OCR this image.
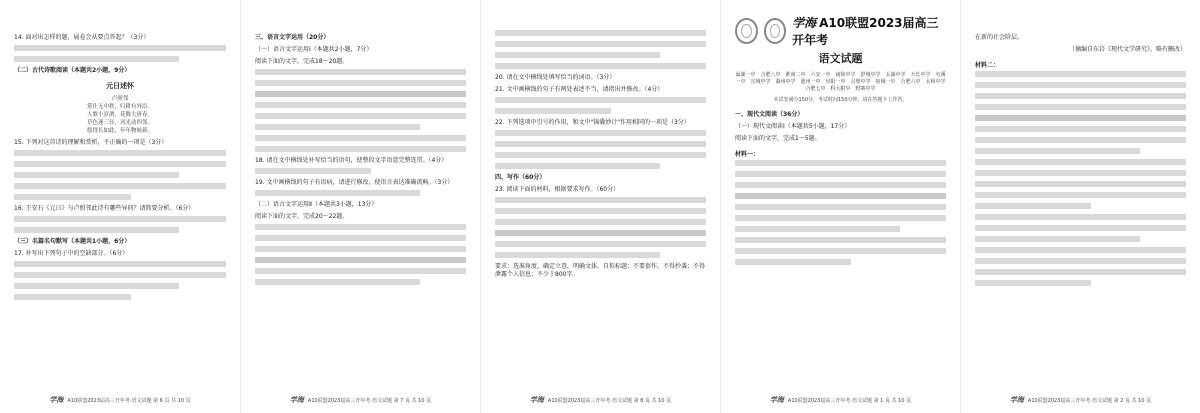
14. 面对出怎样的题，展卷会从要点答起？（3分）
（二）古代诗歌阅读（本题共2小题，9分）
元日述怀
卢照邻
筮仕无中秩，归耕有外臣。
人歌小岁酒，花舞大唐春。
草色迷三径，风光动四邻。
愿得长如此，年年物候新。
15. 下列对这首诗的理解和赏析，不正确的一项是（3分）
16. 王安石《元日》与卢照邻此诗有哪些异同？请简要分析。（6分）
（三）名篇名句默写（本题共1小题，6分）
17. 补写出下列句子中的空缺部分。（6分）
学海 A10联盟2023届高三开年考·语文试题 第 6 页 共 10 页
三、语言文字运用（20分）
（一）语言文字运用Ⅰ（本题共2小题，7分）
阅读下面的文字，完成18～20题。
18. 请在文中横线处补写恰当的语句，使整段文字语意完整连贯。（4分）
19. 文中画横线的句子有语病，请进行修改，使语言表达准确流畅。（3分）
（二）语言文字运用Ⅱ（本题共3小题，13分）
阅读下面的文字，完成20～22题。
学海 A10联盟2023届高三开年考·语文试题 第 7 页 共 10 页
20. 请在文中横线处填写恰当的词语。（3分）
21. 文中画横线的句子有两处表述不当，请指出并修改。（4分）
22. 下列选项中引号的作用，和文中"锦囊妙计"作用相同的一项是（3分）
四、写作（60分）
23. 阅读下面的材料，根据要求写作。（60分）
要求：选准角度，确定立意，明确文体，自拟标题；不要套作，不得抄袭；不得泄露个人信息；不少于800字。
学海 A10联盟2023届高三开年考·语文试题 第 8 页 共 10 页
学海 A10联盟2023届高三开年考
语文试题
巢湖一中　合肥八中　淮南二中　六安一中　南陵中学　舒城中学　太湖中学　天长中学　屯溪一中　宣城中学　滁州中学　池州一中　阜阳一中　灵璧中学　宿城一中　合肥六中　太和中学　合肥七中　科大附中　野寨中学
本试卷满分150分，考试时间150分钟。请在答题卡上作答。
一、现代文阅读（36分）
（一）现代文阅读Ⅰ（本题共5小题，17分）
阅读下面的文字，完成1～5题。
材料一：
学海 A10联盟2023届高三开年考·语文试题 第 1 页 共 10 页
在新的社会阶层。
（摘编自东岩《现代文学研究》，略有删改）
材料二：
学海 A10联盟2023届高三开年考·语文试题 第 2 页 共 10 页
